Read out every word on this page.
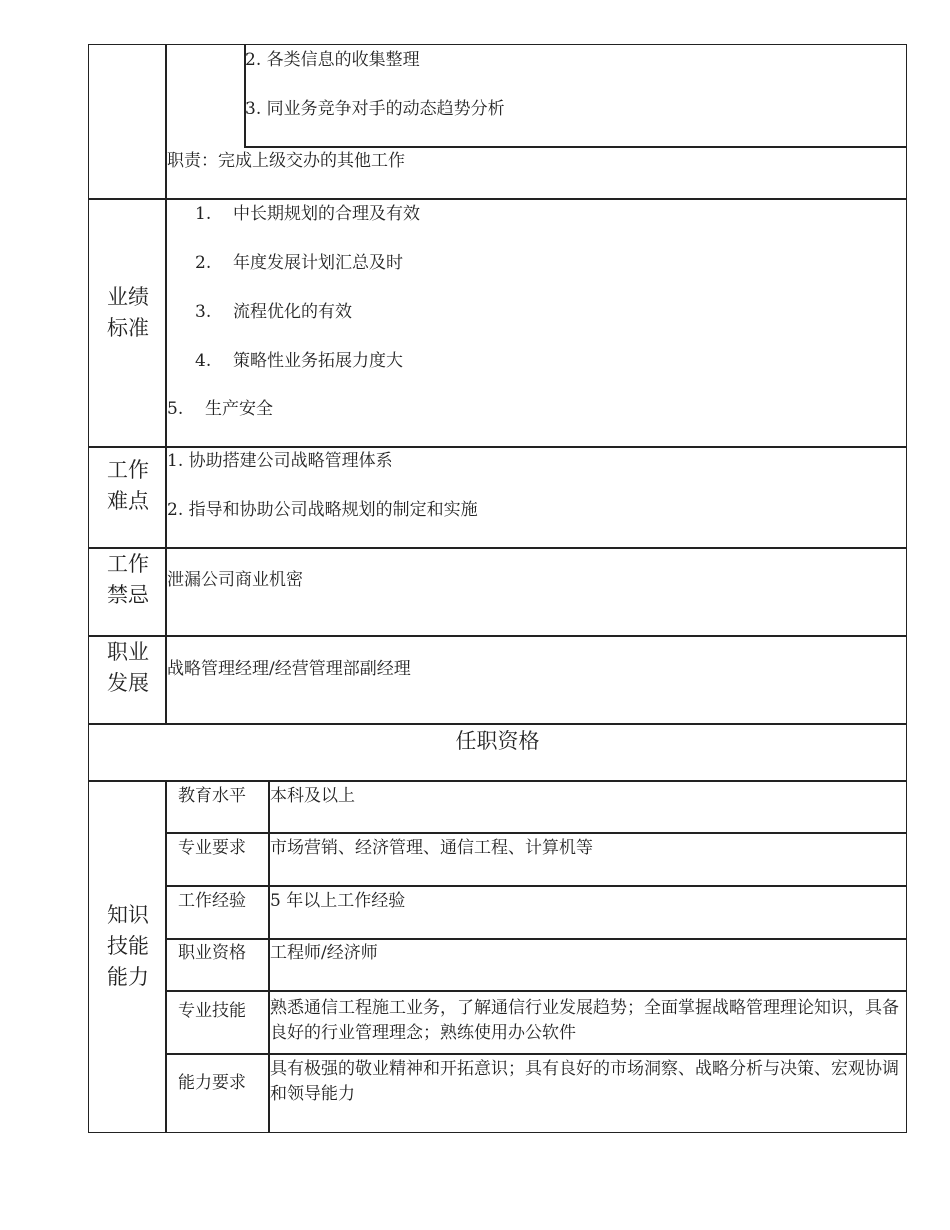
2. 各类信息的收集整理
3. 同业务竞争对手的动态趋势分析
职责：完成上级交办的其他工作
业绩标准
1. 中长期规划的合理及有效
2. 年度发展计划汇总及时
3. 流程优化的有效
4. 策略性业务拓展力度大
5. 生产安全
工作难点
1. 协助搭建公司战略管理体系
2. 指导和协助公司战略规划的制定和实施
工作禁忌
泄漏公司商业机密
职业发展
战略管理经理/经营管理部副经理
任职资格
知识技能能力
教育水平 本科及以上
专业要求 市场营销、经济管理、通信工程、计算机等
工作经验 5 年以上工作经验
职业资格 工程师/经济师
专业技能 熟悉通信工程施工业务，了解通信行业发展趋势；全面掌握战略管理理论知识，具备良好的行业管理理念；熟练使用办公软件
能力要求
具有极强的敬业精神和开拓意识；具有良好的市场洞察、战略分析与决策、宏观协调和领导能力
